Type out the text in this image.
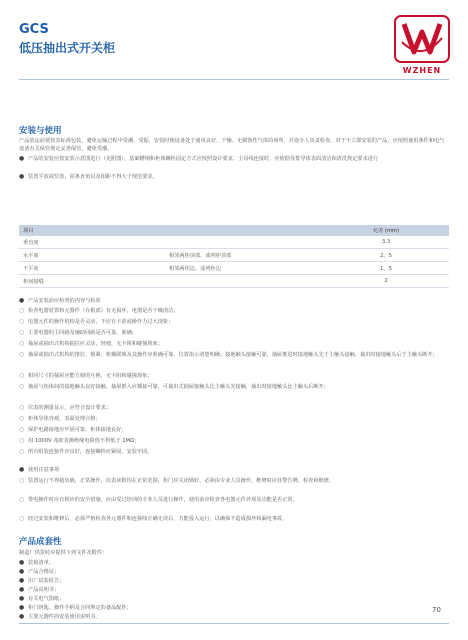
GCS
低压抽出式开关柜
WZHEN
安装与使用
产品装运前要按其标准包装，避免运输过程中受潮、受振，安装时使设备处于通风良好、干燥、无腐蚀性气体的场所，并设专人负责检查。对于不立即安装的产品，应按照使用条件和电气设备有关保管规定妥善保管，避免受潮。
● 产品的安装应按安装示意图进行（见附图），基础槽钢和柜体螺栓固定方式应按照设计要求，主母线连接时，应依据母排导体表面清洁和清洗规定要求进行
● 装置平放或竖放，同条直角以及相距不得大于规范要求。
项目		允差 (mm)
垂直度		3.3
水平度	相邻两柜顶部、成列柜顶部	2、5
不平度	相邻两柜边、成列柜边	1、5
柜间接缝		2
● 产品安装前应检查的内容与检验
○ 检查电器装置和元器件（在根部）有无损坏，电器是否干燥清洁；
○ 电器元件的操作机构是否灵活，不应有卡涩或操作力过大现象；
○ 主要电器的主回路及辅助回路是否可靠，准确；
○ 抽屉或抽出式机构抽拉应灵活，轻便，无卡阻和碰撞现象；
○ 抽屉或抽出式机构的推拉、锁紧、机械联锁及其操作应准确可靠，位置指示清楚明确；接地触头接触可靠，抽屉推进时接地触头先于主触头接触，抽出时接地触头后于主触头断开；
○ 相同尺寸的抽屉应能方便的互换，无卡阻和碰撞现象；
○ 抽屉与柜体间的接地触头良好接触，抽屉推入应插接可靠，可抽出式抽屉接触头比主触头先接触，抽出时接地触头比主触头后断开；
○ 仪表的测量显示，应符合设计要求；
○ 柜体导体外观，表面处理合格；
○ 保护电路接地应牢固可靠，柜体接地良好；
○ 用 1000V 兆欧表测绝缘电阻值不得低于 1MΩ；
○ 所有组装连接件应良好，连接螺栓应紧固，安装牢固。
● 使用注意事项
○ 装置运行不得超负载，正常操作，仪表读数均在正常范围，柜门应关闭锁好，必须由专业人员操作，维修时应挂警告牌，检查和维修。
○ 带电操作时应有相应的安全措施，应由受过培训的专业人员进行操作，使用前应检查各电器元件外观及功能是否正常。
○ 经过安装和维修后，必须严格检查各元器件和连接线正确无误后，方能投入运行，以确保不造成损坏和漏电事故。
产品成套性
制造厂供货时应提供下列文件及附件：
● 装箱清单；
● 产品合格证；
● 出厂试验报告；
● 产品说明书；
● 有关电气图纸；
● 柜门钥匙、操作手柄及合同规定的备品配件；
● 主要元器件的安装使用说明书。
70
